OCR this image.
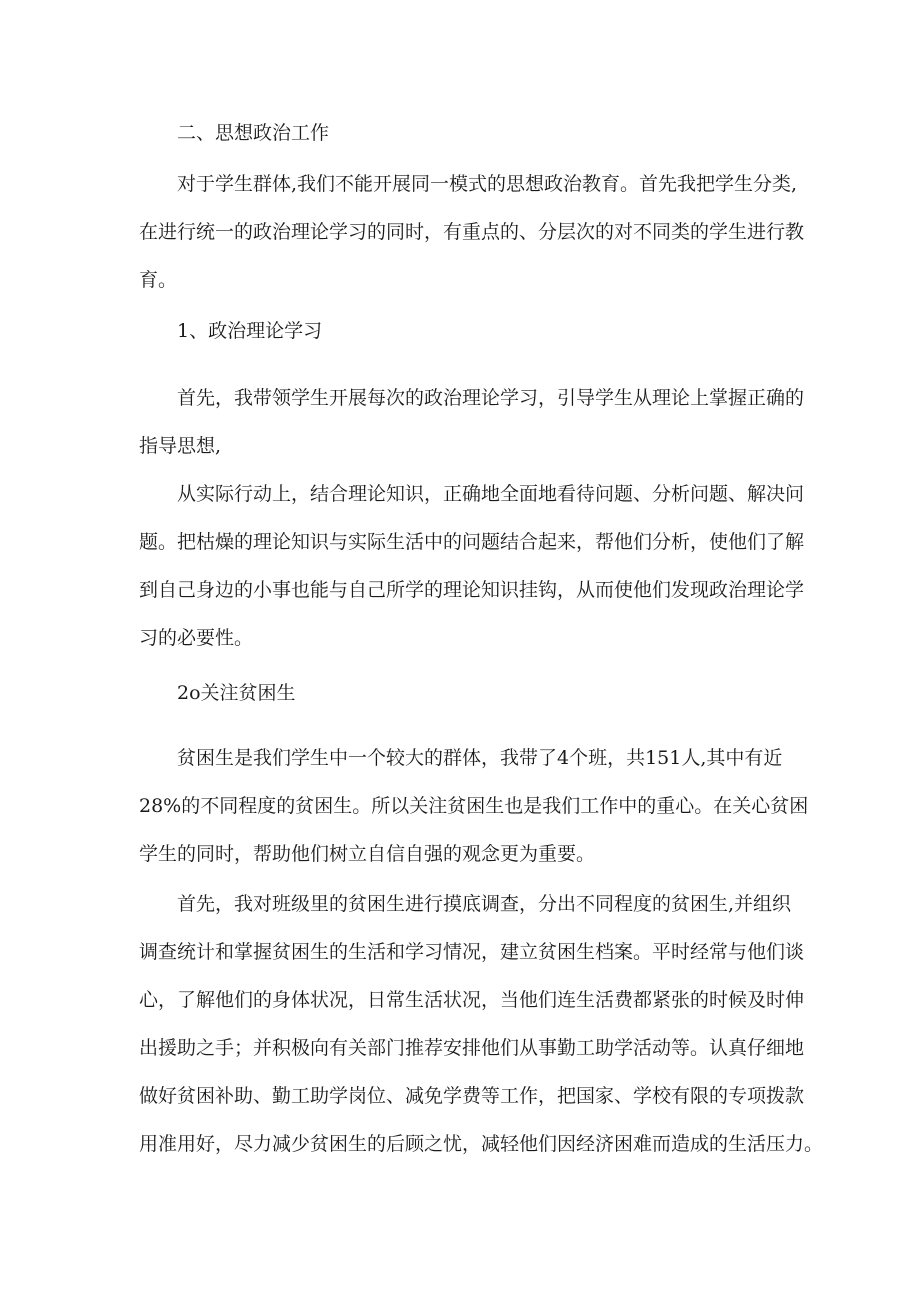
二、思想政治工作
对于学生群体,我们不能开展同一模式的思想政治教育。首先我把学生分类,
在进行统一的政治理论学习的同时，有重点的、分层次的对不同类的学生进行教
育。
1、政治理论学习
首先，我带领学生开展每次的政治理论学习，引导学生从理论上掌握正确的
指导思想,
从实际行动上，结合理论知识，正确地全面地看待问题、分析问题、解决问
题。把枯燥的理论知识与实际生活中的问题结合起来，帮他们分析，使他们了解
到自己身边的小事也能与自己所学的理论知识挂钩，从而使他们发现政治理论学
习的必要性。
2o关注贫困生
贫困生是我们学生中一个较大的群体，我带了4个班，共151人,其中有近
28%的不同程度的贫困生。所以关注贫困生也是我们工作中的重心。在关心贫困
学生的同时，帮助他们树立自信自强的观念更为重要。
首先，我对班级里的贫困生进行摸底调查，分出不同程度的贫困生,并组织
调查统计和掌握贫困生的生活和学习情况，建立贫困生档案。平时经常与他们谈
心，了解他们的身体状况，日常生活状况，当他们连生活费都紧张的时候及时伸
出援助之手；并积极向有关部门推荐安排他们从事勤工助学活动等。认真仔细地
做好贫困补助、勤工助学岗位、减免学费等工作，把国家、学校有限的专项拨款
用准用好，尽力减少贫困生的后顾之忧，减轻他们因经济困难而造成的生活压力。
